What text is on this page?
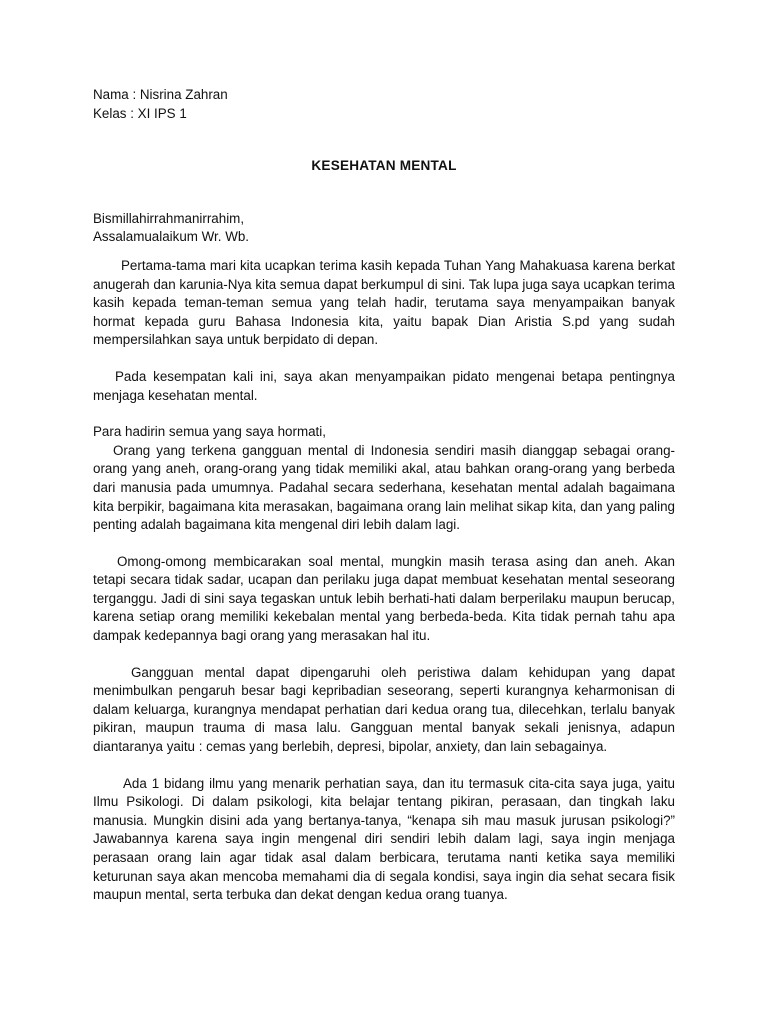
Nama : Nisrina Zahran
Kelas : XI IPS 1
KESEHATAN MENTAL
Bismillahirrahmanirrahim,
Assalamualaikum Wr. Wb.

Pertama-tama mari kita ucapkan terima kasih kepada Tuhan Yang Mahakuasa karena berkat anugerah dan karunia-Nya kita semua dapat berkumpul di sini. Tak lupa juga saya ucapkan terima kasih kepada teman-teman semua yang telah hadir, terutama saya menyampaikan banyak hormat kepada guru Bahasa Indonesia kita, yaitu bapak Dian Aristia S.pd yang sudah mempersilahkan saya untuk berpidato di depan.

Pada kesempatan kali ini, saya akan menyampaikan pidato mengenai betapa pentingnya menjaga kesehatan mental.

Para hadirin semua yang saya hormati,

Orang yang terkena gangguan mental di Indonesia sendiri masih dianggap sebagai orang-orang yang aneh, orang-orang yang tidak memiliki akal, atau bahkan orang-orang yang berbeda dari manusia pada umumnya. Padahal secara sederhana, kesehatan mental adalah bagaimana kita berpikir, bagaimana kita merasakan, bagaimana orang lain melihat sikap kita, dan yang paling penting adalah bagaimana kita mengenal diri lebih dalam lagi.

Omong-omong membicarakan soal mental, mungkin masih terasa asing dan aneh. Akan tetapi secara tidak sadar, ucapan dan perilaku juga dapat membuat kesehatan mental seseorang terganggu. Jadi di sini saya tegaskan untuk lebih berhati-hati dalam berperilaku maupun berucap, karena setiap orang memiliki kekebalan mental yang berbeda-beda. Kita tidak pernah tahu apa dampak kedepannya bagi orang yang merasakan hal itu.

Gangguan mental dapat dipengaruhi oleh peristiwa dalam kehidupan yang dapat menimbulkan pengaruh besar bagi kepribadian seseorang, seperti kurangnya keharmonisan di dalam keluarga, kurangnya mendapat perhatian dari kedua orang tua, dilecehkan, terlalu banyak pikiran, maupun trauma di masa lalu. Gangguan mental banyak sekali jenisnya, adapun diantaranya yaitu : cemas yang berlebih, depresi, bipolar, anxiety, dan lain sebagainya.

Ada 1 bidang ilmu yang menarik perhatian saya, dan itu termasuk cita-cita saya juga, yaitu Ilmu Psikologi. Di dalam psikologi, kita belajar tentang pikiran, perasaan, dan tingkah laku manusia. Mungkin disini ada yang bertanya-tanya, “kenapa sih mau masuk jurusan psikologi?” Jawabannya karena saya ingin mengenal diri sendiri lebih dalam lagi, saya ingin menjaga perasaan orang lain agar tidak asal dalam berbicara, terutama nanti ketika saya memiliki keturunan saya akan mencoba memahami dia di segala kondisi, saya ingin dia sehat secara fisik maupun mental, serta terbuka dan dekat dengan kedua orang tuanya.
